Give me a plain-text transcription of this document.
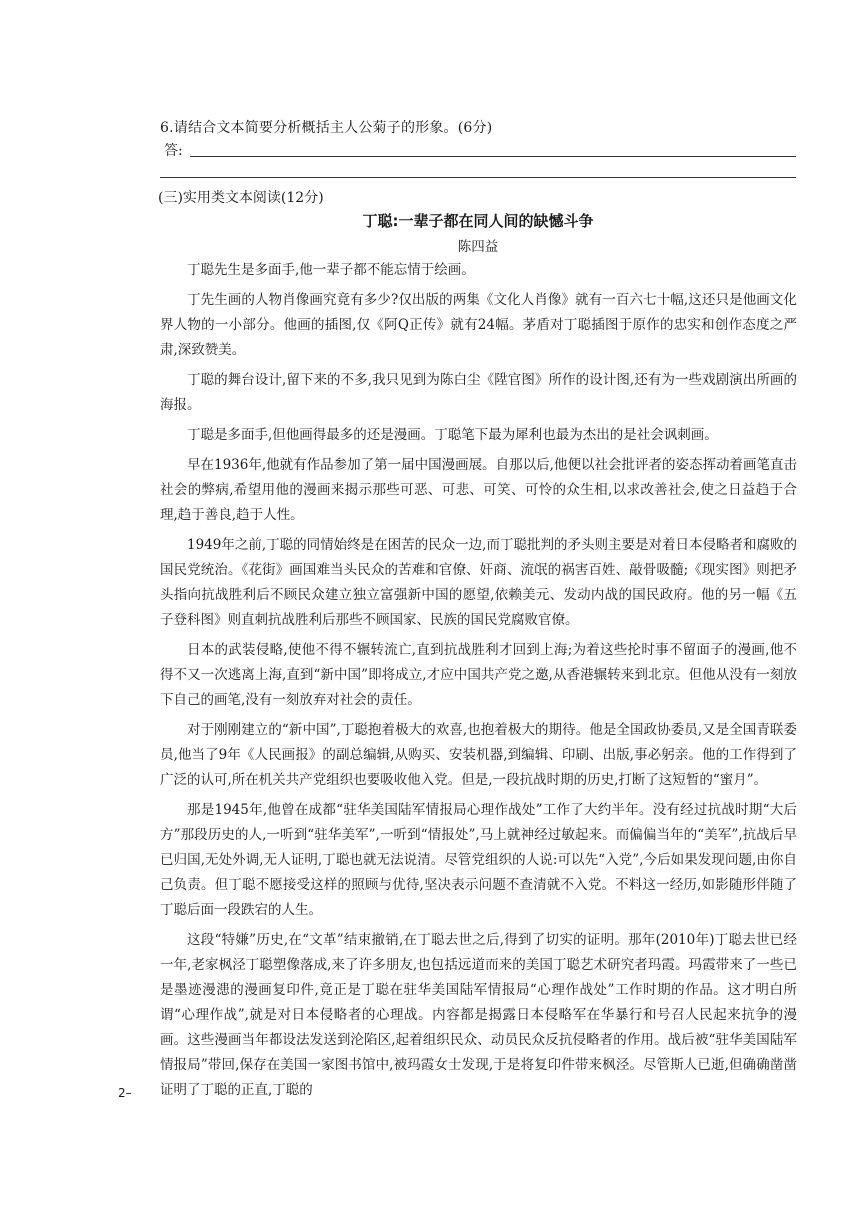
6.请结合文本简要分析概括主人公菊子的形象。(6分)
答:
(三)实用类文本阅读(12分)
丁聪:一辈子都在同人间的缺憾斗争
陈四益

丁聪先生是多面手,他一辈子都不能忘情于绘画。

丁先生画的人物肖像画究竟有多少?仅出版的两集《文化人肖像》就有一百六七十幅,这还只是他画文化界人物的一小部分。他画的插图,仅《阿Q正传》就有24幅。茅盾对丁聪插图于原作的忠实和创作态度之严肃,深致赞美。

丁聪的舞台设计,留下来的不多,我只见到为陈白尘《陞官图》所作的设计图,还有为一些戏剧演出所画的海报。

丁聪是多面手,但他画得最多的还是漫画。丁聪笔下最为犀利也最为杰出的是社会讽刺画。

早在1936年,他就有作品参加了第一届中国漫画展。自那以后,他便以社会批评者的姿态挥动着画笔直击社会的弊病,希望用他的漫画来揭示那些可恶、可悲、可笑、可怜的众生相,以求改善社会,使之日益趋于合理,趋于善良,趋于人性。

1949年之前,丁聪的同情始终是在困苦的民众一边,而丁聪批判的矛头则主要是对着日本侵略者和腐败的国民党统治。《花街》画国难当头民众的苦难和官僚、奸商、流氓的祸害百姓、敲骨吸髓;《现实图》则把矛头指向抗战胜利后不顾民众建立独立富强新中国的愿望,依赖美元、发动内战的国民政府。他的另一幅《五子登科图》则直刺抗战胜利后那些不顾国家、民族的国民党腐败官僚。

日本的武装侵略,使他不得不辗转流亡,直到抗战胜利才回到上海;为着这些抡时事不留面子的漫画,他不得不又一次逃离上海,直到“新中国”即将成立,才应中国共产党之邀,从香港辗转来到北京。但他从没有一刻放下自己的画笔,没有一刻放弃对社会的责任。

对于刚刚建立的“新中国”,丁聪抱着极大的欢喜,也抱着极大的期待。他是全国政协委员,又是全国青联委员,他当了9年《人民画报》的副总编辑,从购买、安装机器,到编辑、印刷、出版,事必躬亲。他的工作得到了广泛的认可,所在机关共产党组织也要吸收他入党。但是,一段抗战时期的历史,打断了这短暂的“蜜月”。

那是1945年,他曾在成都“驻华美国陆军情报局心理作战处”工作了大约半年。没有经过抗战时期“大后方”那段历史的人,一听到“驻华美军”,一听到“情报处”,马上就神经过敏起来。而偏偏当年的“美军”,抗战后早已归国,无处外调,无人证明,丁聪也就无法说清。尽管党组织的人说:可以先“入党”,今后如果发现问题,由你自己负责。但丁聪不愿接受这样的照顾与优待,坚决表示问题不查清就不入党。不料这一经历,如影随形伴随了丁聪后面一段跌宕的人生。

这段“特嫌”历史,在“文革”结束撤销,在丁聪去世之后,得到了切实的证明。那年(2010年)丁聪去世已经一年,老家枫泾丁聪塑像落成,来了许多朋友,也包括远道而来的美国丁聪艺术研究者玛霞。玛霞带来了一些已是墨迹漫漶的漫画复印件,竟正是丁聪在驻华美国陆军情报局“心理作战处”工作时期的作品。这才明白所谓“心理作战”,就是对日本侵略者的心理战。内容都是揭露日本侵略军在华暴行和号召人民起来抗争的漫画。这些漫画当年都设法发送到沦陷区,起着组织民众、动员民众反抗侵略者的作用。战后被“驻华美国陆军情报局”带回,保存在美国一家图书馆中,被玛霞女士发现,于是将复印件带来枫泾。尽管斯人已逝,但确确凿凿证明了丁聪的正直,丁聪的

2–
